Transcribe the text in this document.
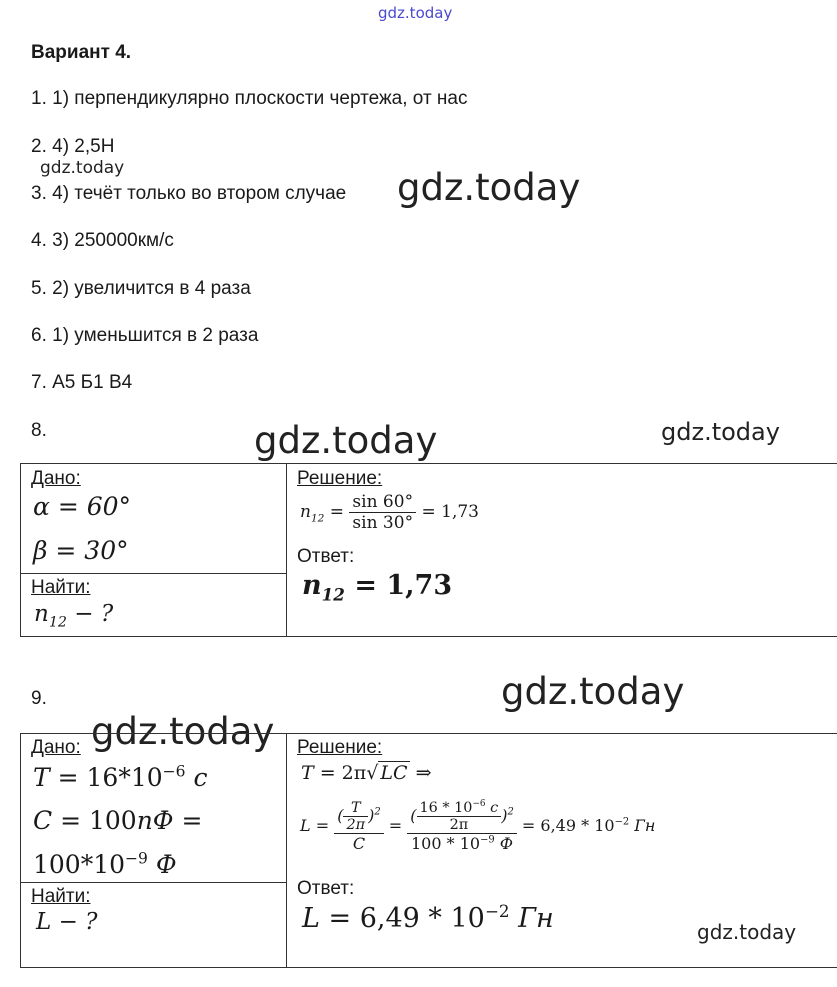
gdz.today
gdz.today	gdz.today
gdz.today	gdz.today
gdz.today
gdz.today
gdz.today
Вариант 4.
1. 1) перпендикулярно плоскости чертежа, от нас
2. 4) 2,5Н
3. 4) течёт только во втором случае
4. 3) 250000км/с
5. 2) увеличится в 4 раза
6. 1) уменьшится в 2 раза
7. А5 Б1 В4
8.
Дано:
α = 60°
β = 30°
Найти:
$n_{12}$ − ?
Решение:
$n_{12} = \frac{\sin 60^\circ}{\sin 30^\circ} = 1,73$
Ответ:
$n_{12} = 1,73$
9.
Дано:
$T = 16*10^{-6}$ c
C = 100nФ =
$100*10^{-9}$ Ф
Найти:
L − ?
Решение:
T = 2π√ LC ⇒
$L = \frac{( \frac{T}{2\pi} )^2}{C} = \frac{( \frac{16 * 10^{-6} c}{2\pi} )^2}{100 * 10^{-9} Ф} = 6,49 * 10^{-2}$ Гн
Ответ:
$L = 6,49 * 10^{-2}$ Гн
